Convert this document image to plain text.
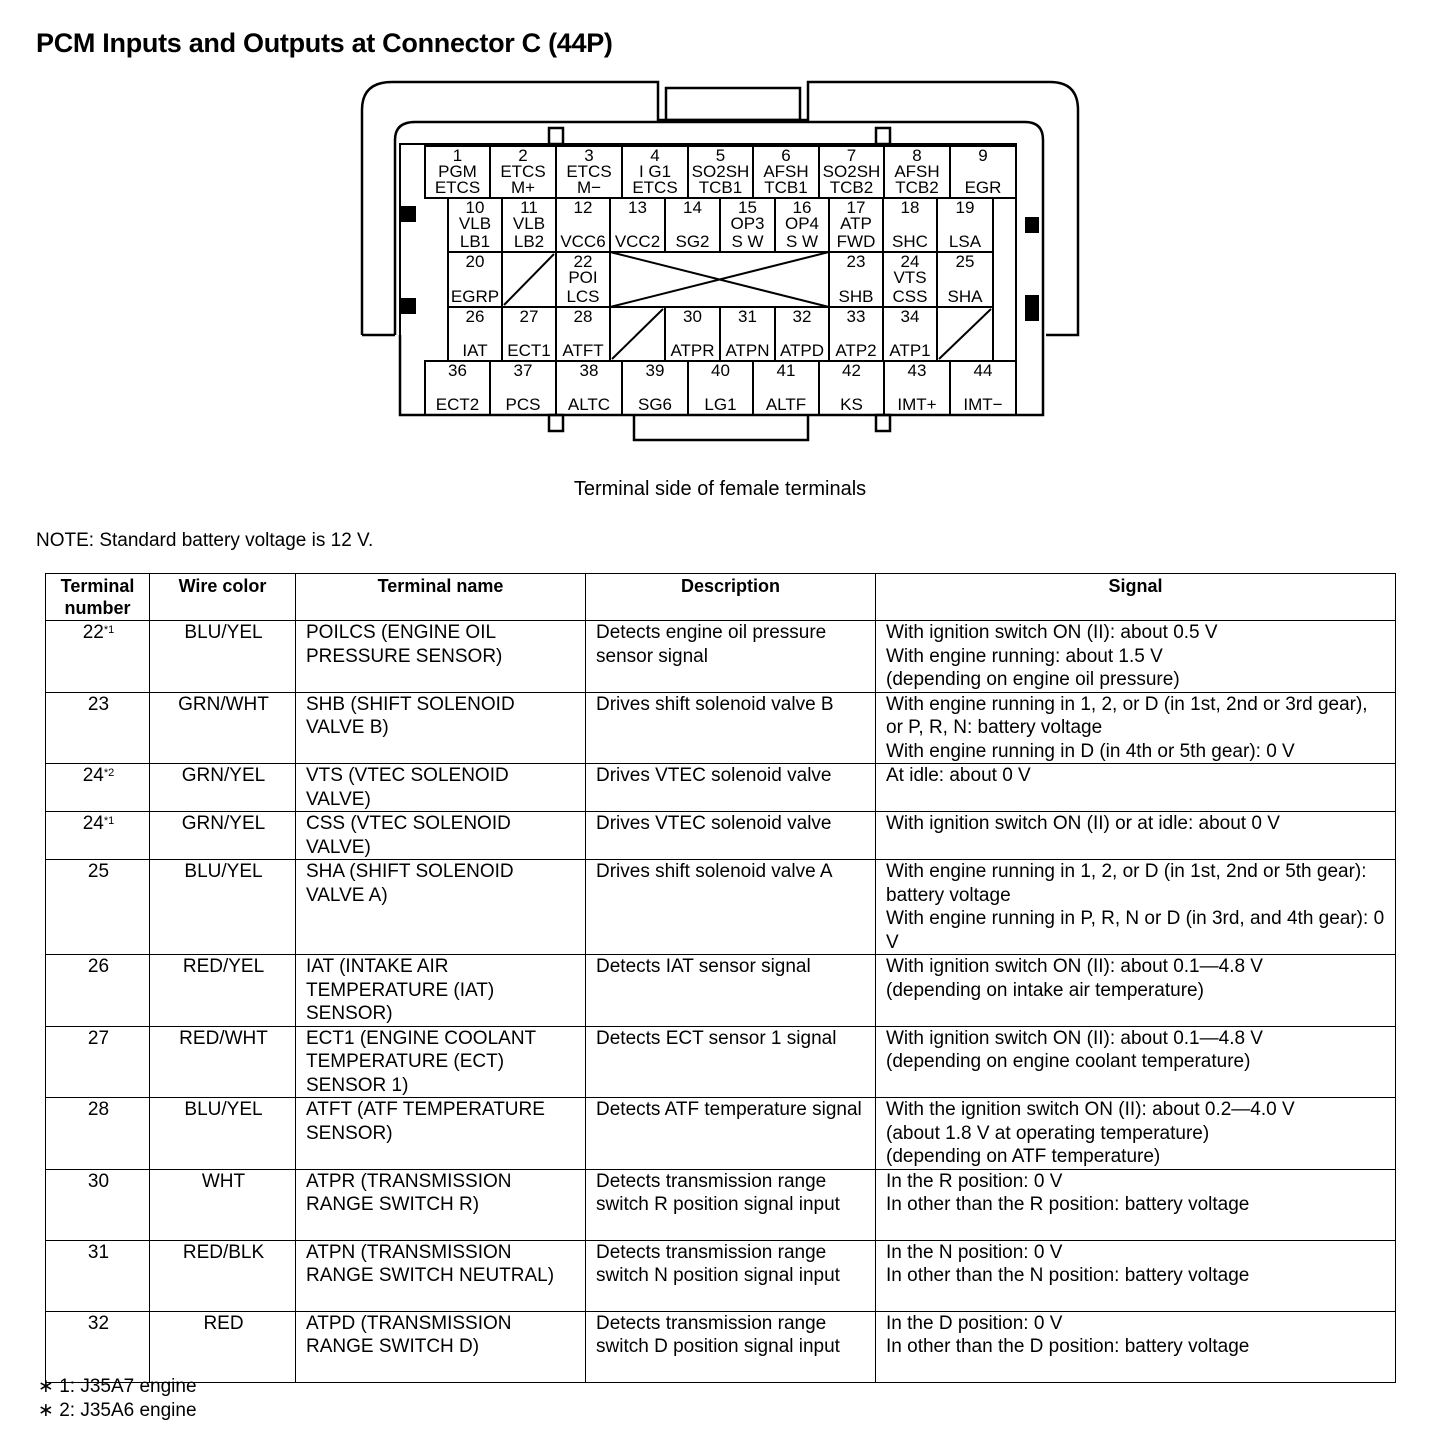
PCM Inputs and Outputs at Connector C (44P)
1
PGM
ETCS
2
ETCS
M+
3
ETCS
M−
4
I G1
ETCS
5
SO2SH
TCB1
6
AFSH
TCB1
7
SO2SH
TCB2
8
AFSH
TCB2
9
EGR
10
VLB
LB1
11
VLB
LB2
12
VCC6
13
VCC2
14
SG2
15
OP3
S W
16
OP4
S W
17
ATP
FWD
18
SHC
19
LSA
20
EGRP
22
POI
LCS
23
SHB
24
VTS
CSS
25
SHA
26
IAT
27
ECT1
28
ATFT
30
ATPR
31
ATPN
32
ATPD
33
ATP2
34
ATP1
36
ECT2
37
PCS
38
ALTC
39
SG6
40
LG1
41
ALTF
42
KS
43
IMT+
44
IMT−
Terminal side of female terminals
NOTE: Standard battery voltage is 12 V.
Terminal number	Wire color	Terminal name	Description	Signal
22$^{*1}$	BLU/YEL	POILCS (ENGINE OIL PRESSURE SENSOR)	Detects engine oil pressure sensor signal	With ignition switch ON (II): about 0.5 V
With engine running: about 1.5 V
(depending on engine oil pressure)
23	GRN/WHT	SHB (SHIFT SOLENOID VALVE B)	Drives shift solenoid valve B	With engine running in 1, 2, or D (in 1st, 2nd or 3rd gear), or P, R, N: battery voltage
With engine running in D (in 4th or 5th gear): 0 V
24$^{*2}$	GRN/YEL	VTS (VTEC SOLENOID VALVE)	Drives VTEC solenoid valve	At idle: about 0 V
24$^{*1}$	GRN/YEL	CSS (VTEC SOLENOID VALVE)	Drives VTEC solenoid valve	With ignition switch ON (II) or at idle: about 0 V
25	BLU/YEL	SHA (SHIFT SOLENOID VALVE A)	Drives shift solenoid valve A	With engine running in 1, 2, or D (in 1st, 2nd or 5th gear): battery voltage
With engine running in P, R, N or D (in 3rd, and 4th gear): 0 V
26	RED/YEL	IAT (INTAKE AIR TEMPERATURE (IAT) SENSOR)	Detects IAT sensor signal	With ignition switch ON (II): about 0.1—4.8 V
(depending on intake air temperature)
27	RED/WHT	ECT1 (ENGINE COOLANT TEMPERATURE (ECT) SENSOR 1)	Detects ECT sensor 1 signal	With ignition switch ON (II): about 0.1—4.8 V
(depending on engine coolant temperature)
28	BLU/YEL	ATFT (ATF TEMPERATURE SENSOR)	Detects ATF temperature signal	With the ignition switch ON (II): about 0.2—4.0 V
(about 1.8 V at operating temperature)
(depending on ATF temperature)
30	WHT	ATPR (TRANSMISSION RANGE SWITCH R)	Detects transmission range switch R position signal input	In the R position: 0 V
In other than the R position: battery voltage
31	RED/BLK	ATPN (TRANSMISSION RANGE SWITCH NEUTRAL)	Detects transmission range switch N position signal input	In the N position: 0 V
In other than the N position: battery voltage
32	RED	ATPD (TRANSMISSION RANGE SWITCH D)	Detects transmission range switch D position signal input	In the D position: 0 V
In other than the D position: battery voltage
∗ 1: J35A7 engine
∗ 2: J35A6 engine
